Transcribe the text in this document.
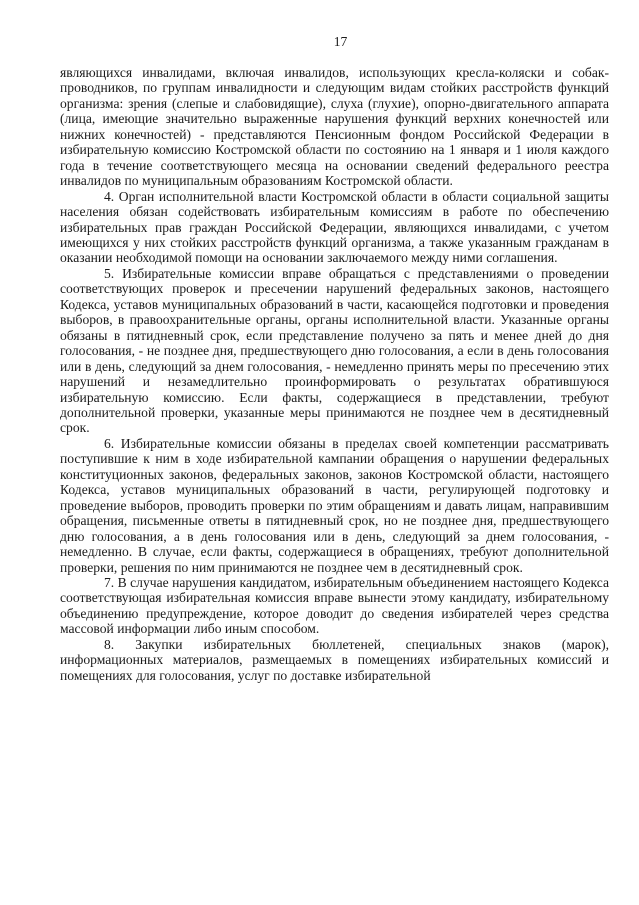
17

являющихся инвалидами, включая инвалидов, использующих кресла-коляски и собак-проводников, по группам инвалидности и следующим видам стойких расстройств функций организма: зрения (слепые и слабовидящие), слуха (глухие), опорно-двигательного аппарата (лица, имеющие значительно выраженные нарушения функций верхних конечностей или нижних конечностей) - представляются Пенсионным фондом Российской Федерации в избирательную комиссию Костромской области по состоянию на 1 января и 1 июля каждого года в течение соответствующего месяца на основании сведений федерального реестра инвалидов по муниципальным образованиям Костромской области.

4. Орган исполнительной власти Костромской области в области социальной защиты населения обязан содействовать избирательным комиссиям в работе по обеспечению избирательных прав граждан Российской Федерации, являющихся инвалидами, с учетом имеющихся у них стойких расстройств функций организма, а также указанным гражданам в оказании необходимой помощи на основании заключаемого между ними соглашения.

5. Избирательные комиссии вправе обращаться с представлениями о проведении соответствующих проверок и пресечении нарушений федеральных законов, настоящего Кодекса, уставов муниципальных образований в части, касающейся подготовки и проведения выборов, в правоохранительные органы, органы исполнительной власти. Указанные органы обязаны в пятидневный срок, если представление получено за пять и менее дней до дня голосования, - не позднее дня, предшествующего дню голосования, а если в день голосования или в день, следующий за днем голосования, - немедленно принять меры по пресечению этих нарушений и незамедлительно проинформировать о результатах обратившуюся избирательную комиссию. Если факты, содержащиеся в представлении, требуют дополнительной проверки, указанные меры принимаются не позднее чем в десятидневный срок.

6. Избирательные комиссии обязаны в пределах своей компетенции рассматривать поступившие к ним в ходе избирательной кампании обращения о нарушении федеральных конституционных законов, федеральных законов, законов Костромской области, настоящего Кодекса, уставов муниципальных образований в части, регулирующей подготовку и проведение выборов, проводить проверки по этим обращениям и давать лицам, направившим обращения, письменные ответы в пятидневный срок, но не позднее дня, предшествующего дню голосования, а в день голосования или в день, следующий за днем голосования, - немедленно. В случае, если факты, содержащиеся в обращениях, требуют дополнительной проверки, решения по ним принимаются не позднее чем в десятидневный срок.

7. В случае нарушения кандидатом, избирательным объединением настоящего Кодекса соответствующая избирательная комиссия вправе вынести этому кандидату, избирательному объединению предупреждение, которое доводит до сведения избирателей через средства массовой информации либо иным способом.

8. Закупки избирательных бюллетеней, специальных знаков (марок), информационных материалов, размещаемых в помещениях избирательных комиссий и помещениях для голосования, услуг по доставке избирательной
